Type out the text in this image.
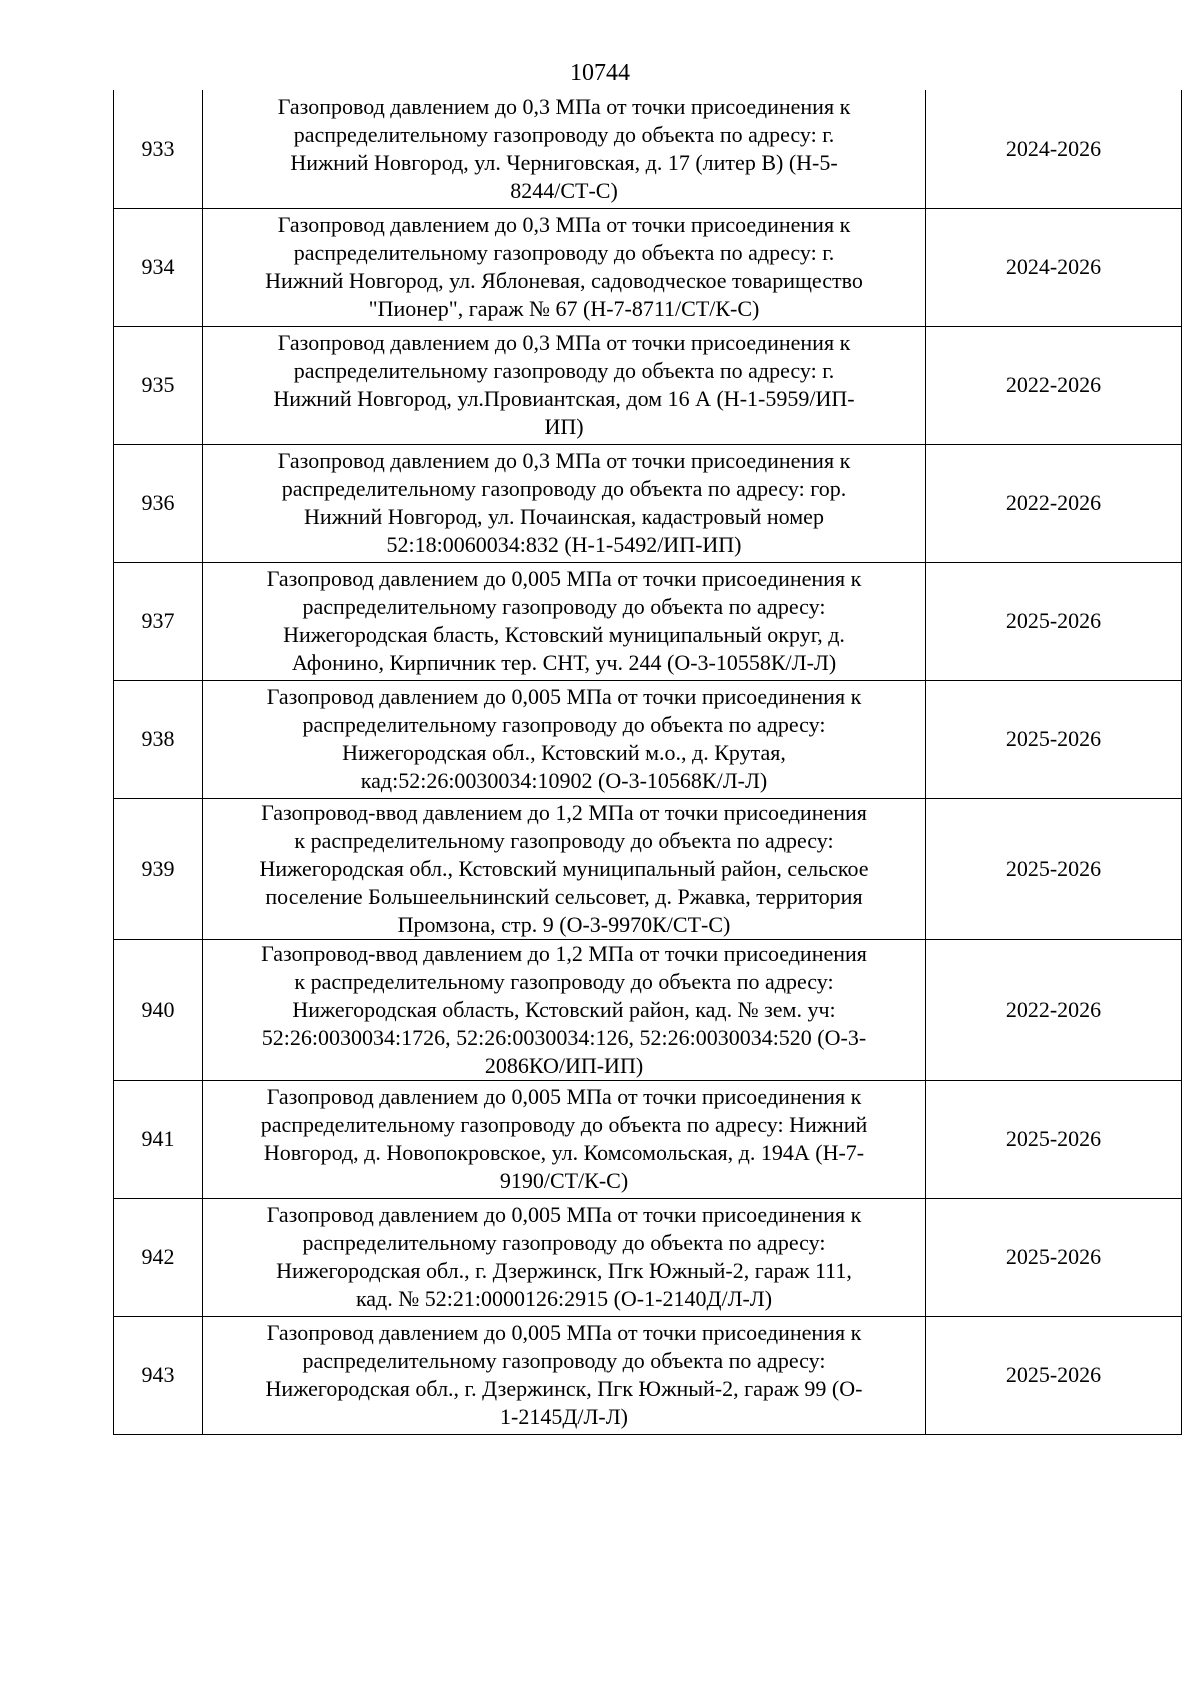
10744
933	Газопровод давлением до 0,3 МПа от точки присоединения к
распределительному газопроводу до объекта по адресу: г.
Нижний Новгород, ул. Черниговская, д. 17 (литер В) (Н-5-
8244/СТ-С)	2024-2026
934	Газопровод давлением до 0,3 МПа от точки присоединения к
распределительному газопроводу до объекта по адресу: г.
Нижний Новгород, ул. Яблоневая, садоводческое товарищество
"Пионер", гараж № 67 (Н-7-8711/СТ/К-С)	2024-2026
935	Газопровод давлением до 0,3 МПа от точки присоединения к
распределительному газопроводу до объекта по адресу: г.
Нижний Новгород, ул.Провиантская, дом 16 А (Н-1-5959/ИП-
ИП)	2022-2026
936	Газопровод давлением до 0,3 МПа от точки присоединения к
распределительному газопроводу до объекта по адресу: гор.
Нижний Новгород, ул. Почаинская, кадастровый номер
52:18:0060034:832 (Н-1-5492/ИП-ИП)	2022-2026
937	Газопровод давлением до 0,005 МПа от точки присоединения к
распределительному газопроводу до объекта по адресу:
Нижегородская бласть, Кстовский муниципальный округ, д.
Афонино, Кирпичник тер. СНТ, уч. 244 (О-3-10558К/Л-Л)	2025-2026
938	Газопровод давлением до 0,005 МПа от точки присоединения к
распределительному газопроводу до объекта по адресу:
Нижегородская обл., Кстовский м.о., д. Крутая,
кад:52:26:0030034:10902 (О-3-10568К/Л-Л)	2025-2026
939	Газопровод-ввод давлением до 1,2 МПа от точки присоединения
к распределительному газопроводу до объекта по адресу:
Нижегородская обл., Кстовский муниципальный район, сельское
поселение Большеельнинский сельсовет, д. Ржавка, территория
Промзона, стр. 9 (О-3-9970К/СТ-С)	2025-2026
940	Газопровод-ввод давлением до 1,2 МПа от точки присоединения
к распределительному газопроводу до объекта по адресу:
Нижегородская область, Кстовский район, кад. № зем. уч:
52:26:0030034:1726, 52:26:0030034:126, 52:26:0030034:520 (О-3-
2086КО/ИП-ИП)	2022-2026
941	Газопровод давлением до 0,005 МПа от точки присоединения к
распределительному газопроводу до объекта по адресу: Нижний
Новгород, д. Новопокровское, ул. Комсомольская, д. 194А (Н-7-
9190/СТ/К-С)	2025-2026
942	Газопровод давлением до 0,005 МПа от точки присоединения к
распределительному газопроводу до объекта по адресу:
Нижегородская обл., г. Дзержинск, Пгк Южный-2, гараж 111,
кад. № 52:21:0000126:2915 (О-1-2140Д/Л-Л)	2025-2026
943	Газопровод давлением до 0,005 МПа от точки присоединения к
распределительному газопроводу до объекта по адресу:
Нижегородская обл., г. Дзержинск, Пгк Южный-2, гараж 99 (О-
1-2145Д/Л-Л)	2025-2026
